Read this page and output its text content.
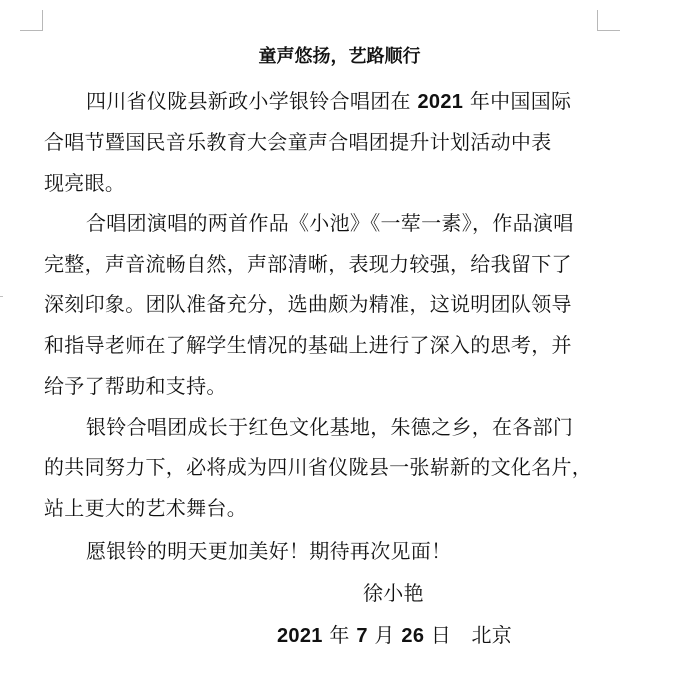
童声悠扬，艺路顺行
四川省仪陇县新政小学银铃合唱团在 2021 年中国国际
合唱节暨国民音乐教育大会童声合唱团提升计划活动中表
现亮眼。
合唱团演唱的两首作品《小池》《一荤一素》，作品演唱
完整，声音流畅自然，声部清晰，表现力较强，给我留下了
深刻印象。团队准备充分，选曲颇为精准，这说明团队领导
和指导老师在了解学生情况的基础上进行了深入的思考，并
给予了帮助和支持。
银铃合唱团成长于红色文化基地，朱德之乡，在各部门
的共同努力下，必将成为四川省仪陇县一张崭新的文化名片，
站上更大的艺术舞台。
愿银铃的明天更加美好！期待再次见面！
徐小艳
2021 年 7 月 26 日　北京
